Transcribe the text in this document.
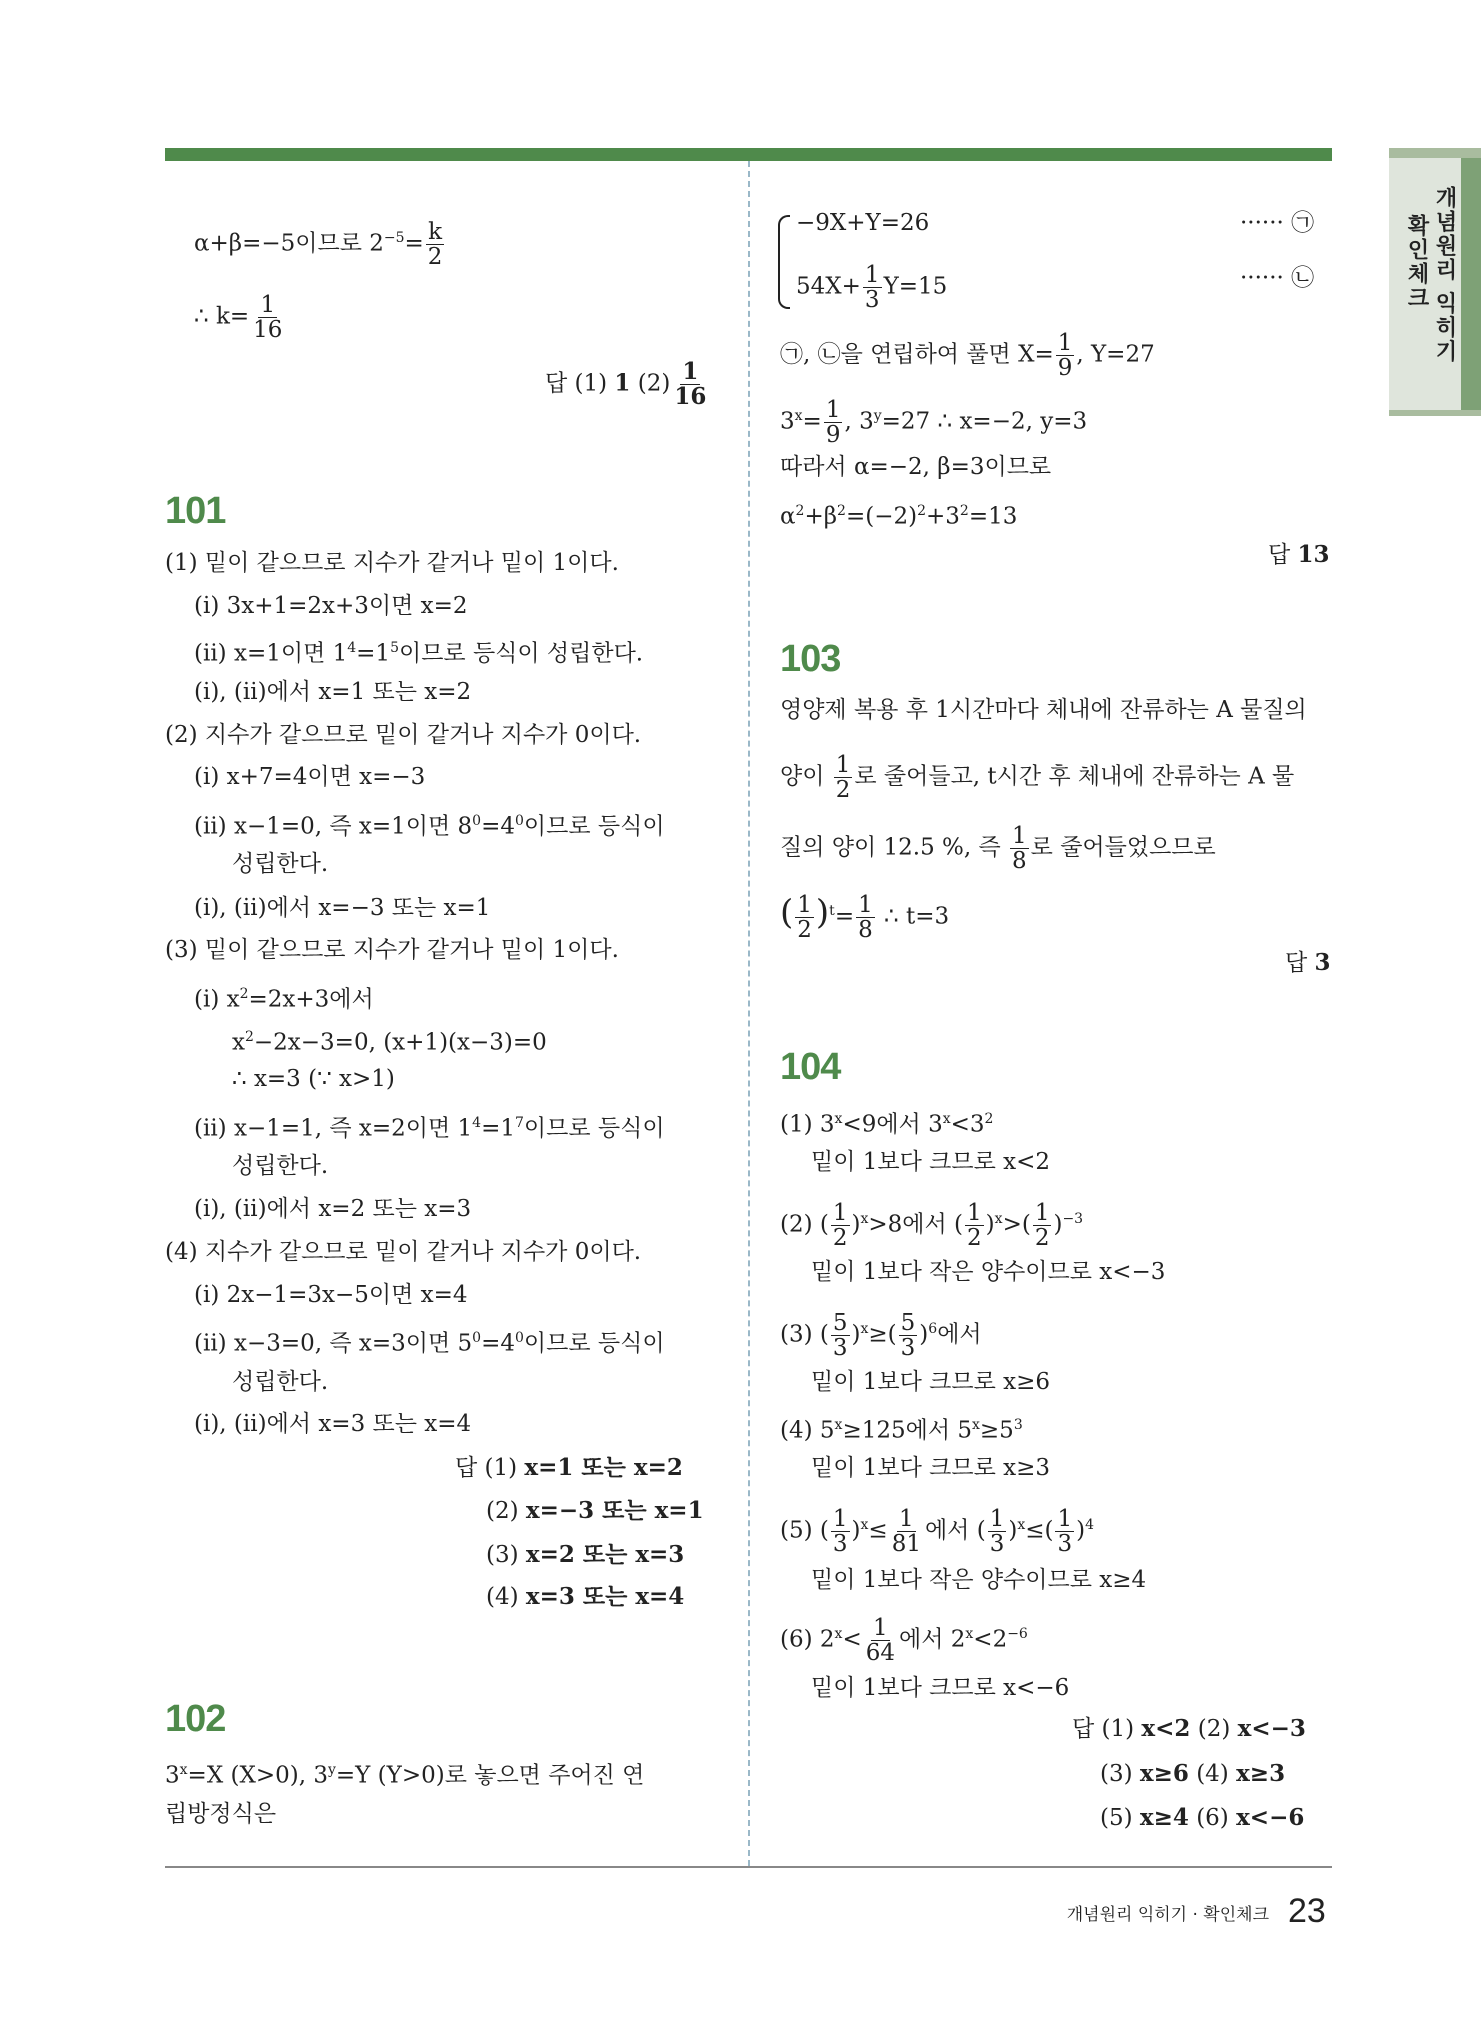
개념원리 익히기
확인체크
α+β=−5이므로 $2^{-5}= \frac{k}{2}$
∴ $k= \frac{1}{16}$
답 (1) 1 $(2) \frac{1}{16}$
101
(1) 밑이 같으므로 지수가 같거나 밑이 1이다.
(ⅰ) 3x+1=2x+3이면 x=2
(ⅱ) x=1이면 $1^4=1^5$이므로 등식이 성립한다.
(ⅰ), (ⅱ)에서 x=1 또는 x=2
(2) 지수가 같으므로 밑이 같거나 지수가 0이다.
(ⅰ) x+7=4이면 x=−3
(ⅱ) x−1=0, 즉 x=1이면 $8^0=4^0$이므로 등식이
성립한다.
(ⅰ), (ⅱ)에서 x=−3 또는 x=1
(3) 밑이 같으므로 지수가 같거나 밑이 1이다.
(ⅰ) $x^2=2x+3$에서
$x^2-2x-3=0$, (x+1)(x−3)=0
∴ x=3 (∵ x>1)
(ⅱ) x−1=1, 즉 x=2이면 $1^4=1^7$이므로 등식이
성립한다.
(ⅰ), (ⅱ)에서 x=2 또는 x=3
(4) 지수가 같으므로 밑이 같거나 지수가 0이다.
(ⅰ) 2x−1=3x−5이면 x=4
(ⅱ) x−3=0, 즉 x=3이면 $5^0=4^0$이므로 등식이
성립한다.
(ⅰ), (ⅱ)에서 x=3 또는 x=4
답 (1) x=1 또는 x=2
(2) x=−3 또는 x=1
(3) x=2 또는 x=3
(4) x=3 또는 x=4
102
$3^x=X$ (X>0), $3^y=Y$ (Y>0)로 놓으면 주어진 연
립방정식은
−9X+Y=26	······ ㉠
$54X+ \frac{1}{3} Y=15$	······ ㉡
㉠, ㉡을 연립하여 풀면 $X= \frac{1}{9}$ , Y=27
$3^x= \frac{1}{9}$ , $3^y=27$ ∴ x=−2, y=3
따라서 α=−2, β=3이므로
$\alpha^2+\beta^2=(-2)^2+3^2=13$
답 13
103
영양제 복용 후 1시간마다 체내에 잔류하는 A 물질의
양이 $\frac{1}{2}$ 로 줄어들고, t시간 후 체내에 잔류하는 A 물
질의 양이 12.5 %, 즉 $\frac{1}{8}$ 로 줄어들었으므로
( $\frac{1}{2} )^t= \frac{1}{8}$ ∴ t=3
답 3
104
(1) $3^x<9$에서 $3^x<3^2$
밑이 1보다 크므로 x<2
(2) ( $\frac{1}{2} )^x>8$에서 ( $\frac{1}{2} )^x>( \frac{1}{2} )^{-3}$
밑이 1보다 작은 양수이므로 x<−3
(3) ( $\frac{5}{3} )^x\ge( \frac{5}{3} )^6$에서
밑이 1보다 크므로 x≥6
(4) $5^x\ge 125$에서 $5^x\ge 5^3$
밑이 1보다 크므로 x≥3
(5) ( $\frac{1}{3} )^x\le \frac{1}{81}$ 에서 ( $\frac{1}{3} )^x\le( \frac{1}{3} )^4$
밑이 1보다 작은 양수이므로 x≥4
(6) $2^x< \frac{1}{64}$ 에서 $2^x<2^{-6}$
밑이 1보다 크므로 x<−6
답 (1) x<2 (2) x<−3
(3) x≥6 (4) x≥3
(5) x≥4 (6) x<−6
개념원리 익히기 · 확인체크 23
